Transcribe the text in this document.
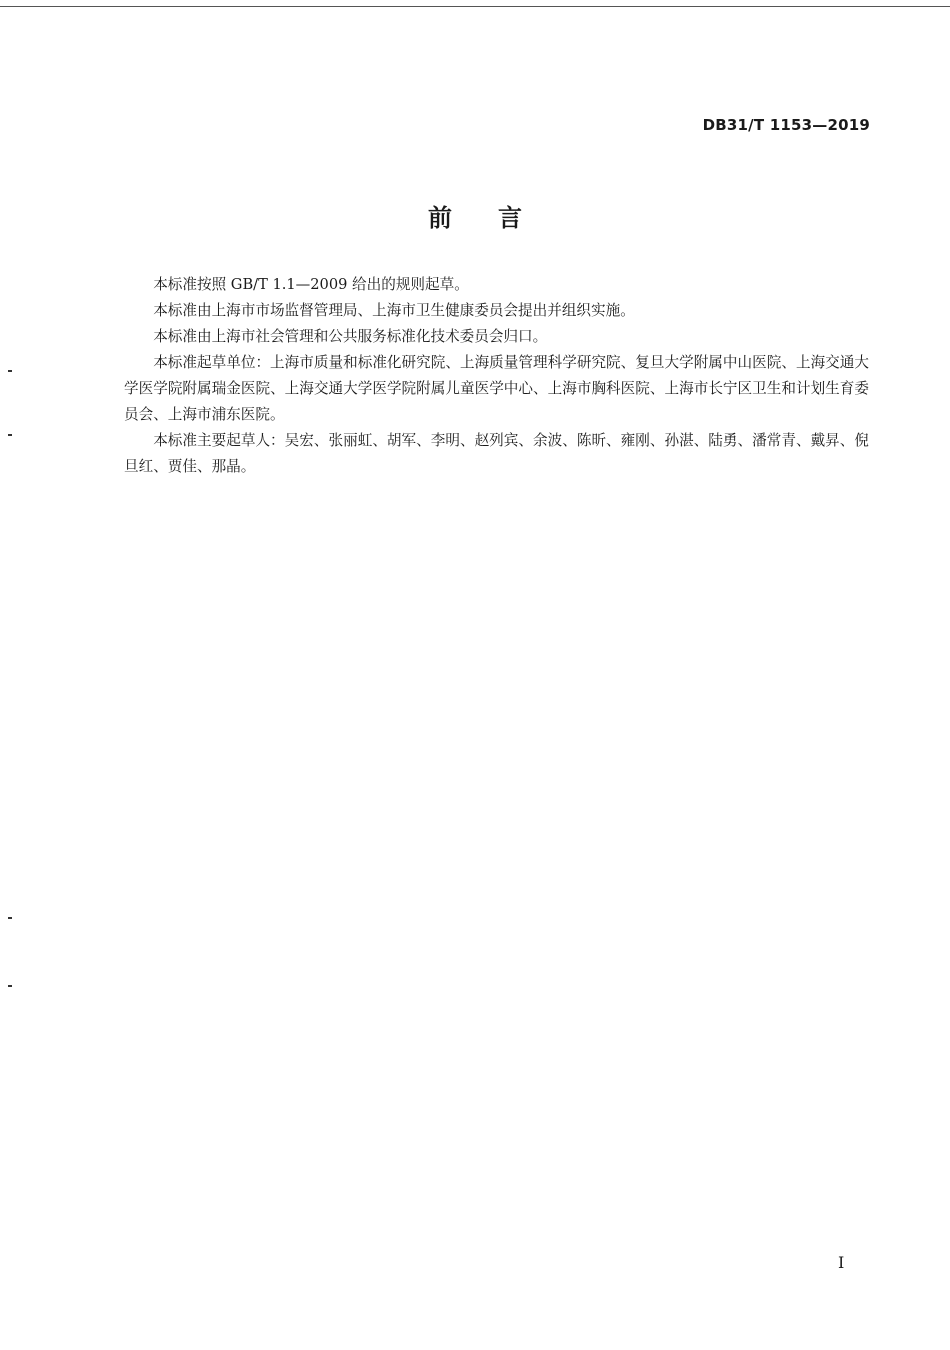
DB31/T 1153—2019
前言

本标准按照 GB/T 1.1—2009 给出的规则起草。

本标准由上海市市场监督管理局、上海市卫生健康委员会提出并组织实施。

本标准由上海市社会管理和公共服务标准化技术委员会归口。

本标准起草单位：上海市质量和标准化研究院、上海质量管理科学研究院、复旦大学附属中山医院、上海交通大学医学院附属瑞金医院、上海交通大学医学院附属儿童医学中心、上海市胸科医院、上海市长宁区卫生和计划生育委员会、上海市浦东医院。

本标准主要起草人：吴宏、张丽虹、胡军、李明、赵列宾、余波、陈昕、雍刚、孙湛、陆勇、潘常青、戴昇、倪旦红、贾佳、那晶。

I
